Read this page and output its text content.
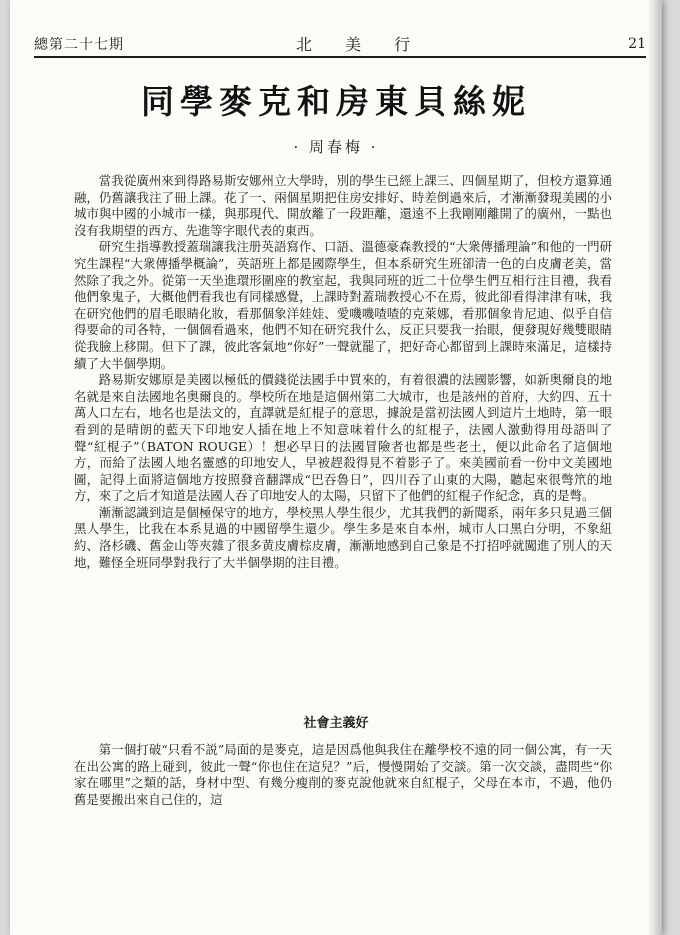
總第二十七期	北 美 行	21
同學麥克和房東貝絲妮
· 周春梅 ·

當我從廣州來到得路易斯安娜州立大學時，別的學生已經上課三、四個星期了，但校方還算通融，仍舊讓我注了冊上課。花了一、兩個星期把住房安排好、時差倒過來后，才漸漸發現美國的小城市與中國的小城市一樣，與那現代、開放離了一段距離，還遠不上我剛剛離開了的廣州，一點也沒有我期望的西方、先進等字眼代表的東西。

研究生指導教授蓋瑞讓我注册英語寫作、口語、溫德豪森教授的“大衆傳播理論”和他的一門研究生課程“大衆傳播學概論”，英語班上都是國際學生，但本系研究生班卻清一色的白皮膚老美，當然除了我之外。從第一天坐進環形圍座的教室起，我與同班的近二十位學生們互相行注目禮，我看他們象鬼子，大概他們看我也有同樣感覺，上課時對蓋瑞教授心不在焉，彼此卻看得津津有味，我在研究他們的眉毛眼睛化妝，看那個象洋娃娃、愛嘰嘰喳喳的克萊娜，看那個象肯尼迪、似乎自信得要命的司各特，一個個看過來，他們不知在研究我什么，反正只要我一抬眼，便發現好幾雙眼睛從我臉上移開。但下了課，彼此客氣地“你好”一聲就罷了，把好奇心都留到上課時來滿足，這樣持續了大半個學期。

路易斯安娜原是美國以極低的價錢從法國手中買來的，有着很濃的法國影響，如新奥爾良的地名就是來自法國地名奥爾良的。學校所在地是這個州第二大城市，也是該州的首府，大約四、五十萬人口左右，地名也是法文的，直譯就是紅棍子的意思，據說是當初法國人到這片土地時，第一眼看到的是晴朗的藍天下印地安人插在地上不知意味着什么的紅棍子，法國人激動得用母語叫了聲“紅棍子”（BATON ROUGE）！想必早日的法國冒險者也都是些老土，便以此命名了這個地方，而給了法國人地名靈感的印地安人，早被趕殺得見不着影子了。來美國前看一份中文美國地圖，記得上面將這個地方按照發音翻譯成“巴吞魯日”，四川吞了山東的大陽，聽起來很彆笊的地方，來了之后才知道是法國人吞了印地安人的太陽，只留下了他們的紅棍子作紀念，真的是彆。

漸漸認識到這是個極保守的地方，學校黑人學生很少，尤其我們的新聞系，兩年多只見過三個黑人學生，比我在本系見過的中國留學生還少。學生多是來自本州，城市人口黑白分明，不象紐約、洛杉磯、舊金山等夾雜了很多黄皮膚棕皮膚，漸漸地感到自己象是不打招呼就闖進了別人的天地，難怪全班同學對我行了大半個學期的注目禮。

社會主義好

第一個打破“只看不説”局面的是麥克，這是因爲他與我住在離學校不遠的同一個公寓，有一天在出公寓的路上碰到，彼此一聲“你也住在這兒？”后，慢慢開始了交談。第一次交談，盡問些“你家在哪里”之類的話，身材中型、有幾分瘦削的麥克說他就來自紅棍子，父母在本市，不過，他仍舊是要搬出來自己住的，這
